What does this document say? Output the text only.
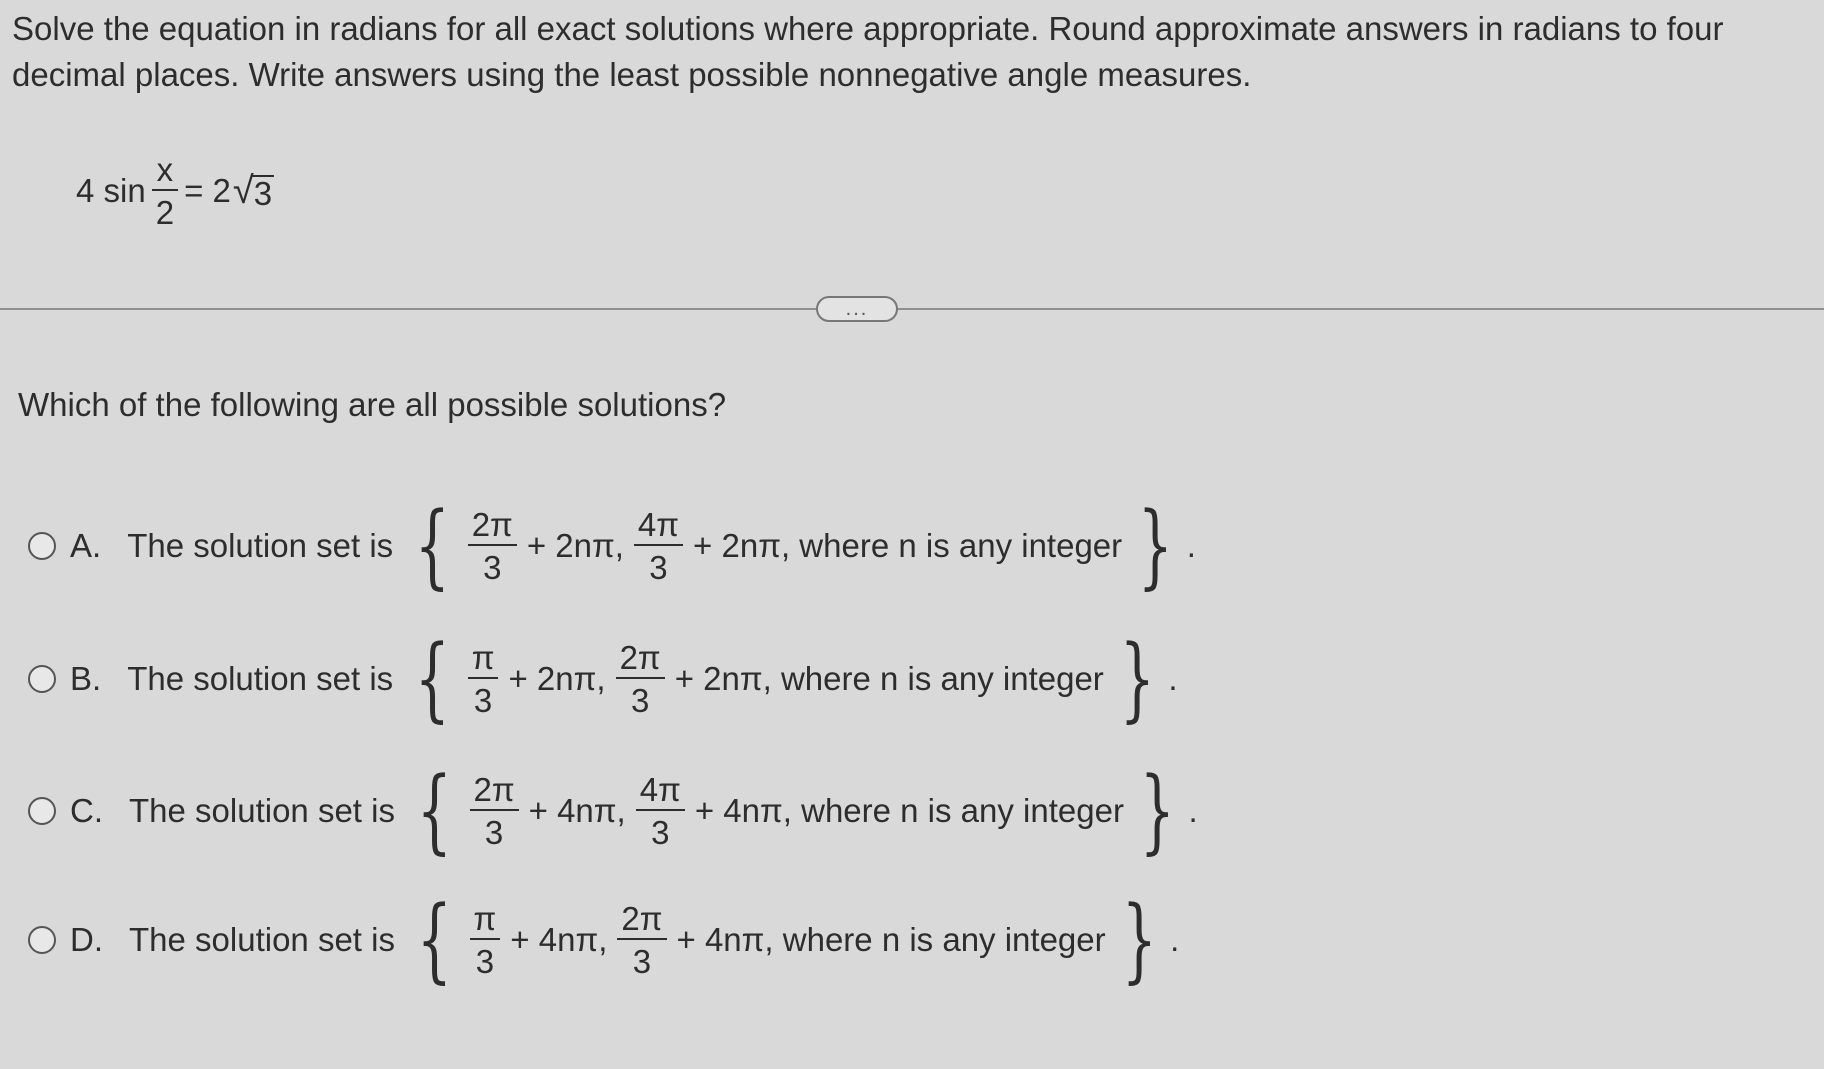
Solve the equation in radians for all exact solutions where appropriate. Round approximate answers in radians to four decimal places. Write answers using the least possible nonnegative angle measures.

4 $\sin \frac{x}{2} = 2$ √ 3
...

Which of the following are all possible solutions?

A. The solution set is { $\frac{2\pi}{3} + 2n\pi$, $\frac{4\pi}{3} + 2n\pi$, where n is any integer } .
B. The solution set is { $\frac{\pi}{3} + 2n\pi$, $\frac{2\pi}{3} + 2n\pi$, where n is any integer } .
C. The solution set is { $\frac{2\pi}{3} + 4n\pi$, $\frac{4\pi}{3} + 4n\pi$, where n is any integer } .
D. The solution set is { $\frac{\pi}{3} + 4n\pi$, $\frac{2\pi}{3} + 4n\pi$, where n is any integer } .
